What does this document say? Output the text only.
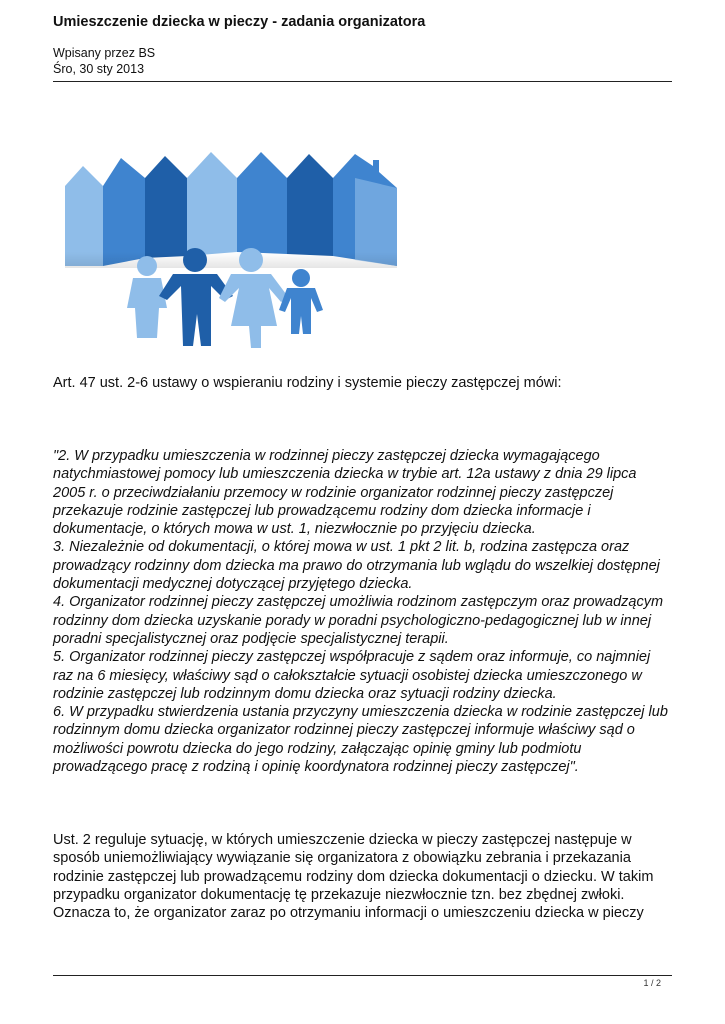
Umieszczenie dziecka w pieczy - zadania organizatora
Wpisany przez BS
Śro, 30 sty 2013
Art. 47 ust. 2-6 ustawy o wspieraniu rodziny i systemie pieczy zastępczej mówi:

"2. W przypadku umieszczenia w rodzinnej pieczy zastępczej dziecka wymagającego

natychmiastowej pomocy lub umieszczenia dziecka w trybie art. 12a ustawy z dnia 29 lipca

2005 r. o przeciwdziałaniu przemocy w rodzinie organizator rodzinnej pieczy zastępczej

przekazuje rodzinie zastępczej lub prowadzącemu rodziny dom dziecka informacje i

dokumentacje, o których mowa w ust. 1, niezwłocznie po przyjęciu dziecka.

3. Niezależnie od dokumentacji, o której mowa w ust. 1 pkt 2 lit. b, rodzina zastępcza oraz

prowadzący rodzinny dom dziecka ma prawo do otrzymania lub wglądu do wszelkiej dostępnej

dokumentacji medycznej dotyczącej przyjętego dziecka.

4. Organizator rodzinnej pieczy zastępczej umożliwia rodzinom zastępczym oraz prowadzącym

rodzinny dom dziecka uzyskanie porady w poradni psychologiczno-pedagogicznej lub w innej

poradni specjalistycznej oraz podjęcie specjalistycznej terapii.

5. Organizator rodzinnej pieczy zastępczej współpracuje z sądem oraz informuje, co najmniej

raz na 6 miesięcy, właściwy sąd o całokształcie sytuacji osobistej dziecka umieszczonego w

rodzinie zastępczej lub rodzinnym domu dziecka oraz sytuacji rodziny dziecka.

6. W przypadku stwierdzenia ustania przyczyny umieszczenia dziecka w rodzinie zastępczej lub

rodzinnym domu dziecka organizator rodzinnej pieczy zastępczej informuje właściwy sąd o

możliwości powrotu dziecka do jego rodziny, załączając opinię gminy lub podmiotu

prowadzącego pracę z rodziną i opinię koordynatora rodzinnej pieczy zastępczej".

Ust. 2 reguluje sytuację, w których umieszczenie dziecka w pieczy zastępczej następuje w

sposób uniemożliwiający wywiązanie się organizatora z obowiązku zebrania i przekazania

rodzinie zastępczej lub prowadzącemu rodziny dom dziecka dokumentacji o dziecku. W takim

przypadku organizator dokumentację tę przekazuje niezwłocznie tzn. bez zbędnej zwłoki.

Oznacza to, że organizator zaraz po otrzymaniu informacji o umieszczeniu dziecka w pieczy

1 / 2
